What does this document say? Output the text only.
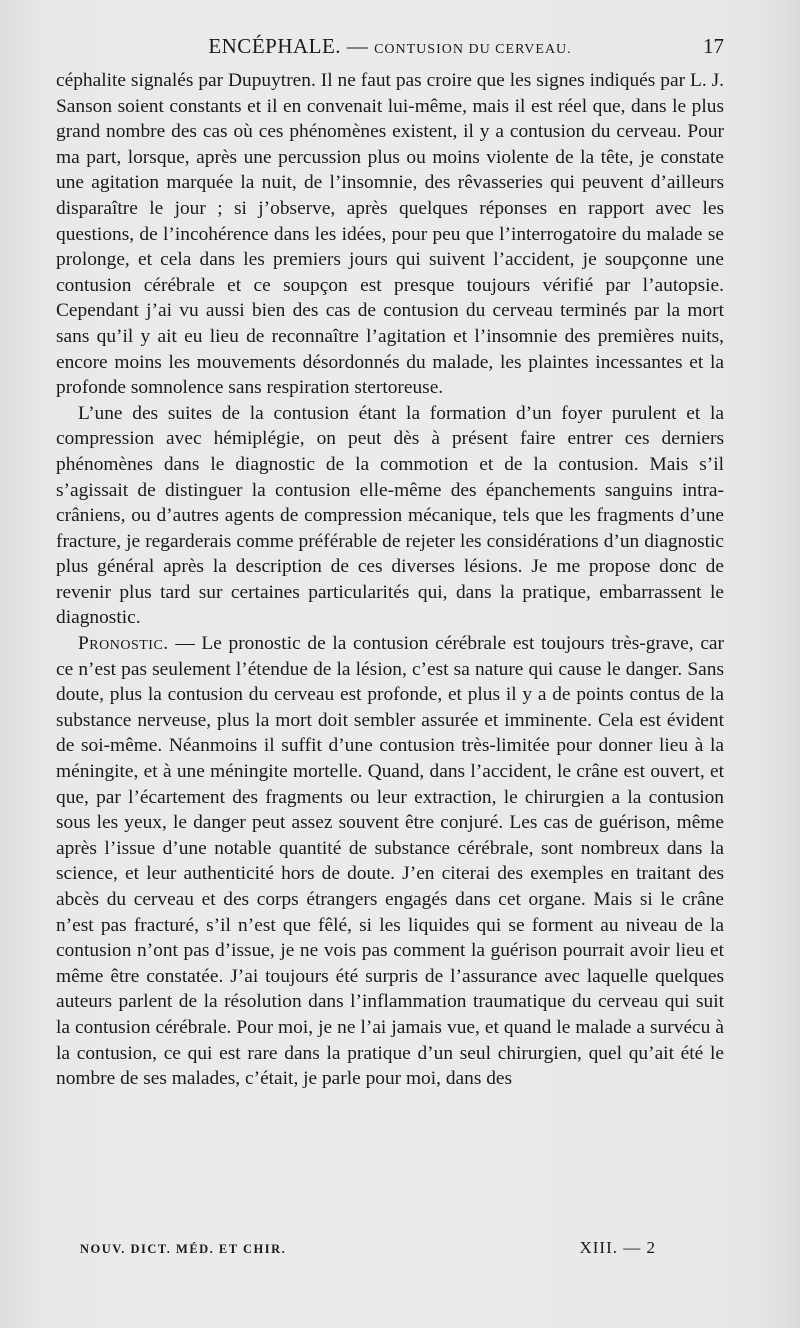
ENCÉPHALE. — CONTUSION DU CERVEAU.	17

céphalite signalés par Dupuytren. Il ne faut pas croire que les signes indiqués par L. J. Sanson soient constants et il en convenait lui-même, mais il est réel que, dans le plus grand nombre des cas où ces phénomènes existent, il y a contusion du cerveau. Pour ma part, lorsque, après une percussion plus ou moins violente de la tête, je constate une agitation marquée la nuit, de l’insomnie, des rêvasseries qui peuvent d’ailleurs disparaître le jour ; si j’observe, après quelques réponses en rapport avec les questions, de l’incohérence dans les idées, pour peu que l’interrogatoire du malade se prolonge, et cela dans les premiers jours qui suivent l’accident, je soupçonne une contusion cérébrale et ce soupçon est presque toujours vérifié par l’autopsie. Cependant j’ai vu aussi bien des cas de contusion du cerveau terminés par la mort sans qu’il y ait eu lieu de reconnaître l’agitation et l’insomnie des premières nuits, encore moins les mouvements désordonnés du malade, les plaintes incessantes et la profonde somnolence sans respiration stertoreuse.

L’une des suites de la contusion étant la formation d’un foyer purulent et la compression avec hémiplégie, on peut dès à présent faire entrer ces derniers phénomènes dans le diagnostic de la commotion et de la contusion. Mais s’il s’agissait de distinguer la contusion elle-même des épanchements sanguins intra-crâniens, ou d’autres agents de compression mécanique, tels que les fragments d’une fracture, je regarderais comme préférable de rejeter les considérations d’un diagnostic plus général après la description de ces diverses lésions. Je me propose donc de revenir plus tard sur certaines particularités qui, dans la pratique, embarrassent le diagnostic.

Pronostic. — Le pronostic de la contusion cérébrale est toujours très-grave, car ce n’est pas seulement l’étendue de la lésion, c’est sa nature qui cause le danger. Sans doute, plus la contusion du cerveau est profonde, et plus il y a de points contus de la substance nerveuse, plus la mort doit sembler assurée et imminente. Cela est évident de soi-même. Néanmoins il suffit d’une contusion très-limitée pour donner lieu à la méningite, et à une méningite mortelle. Quand, dans l’accident, le crâne est ouvert, et que, par l’écartement des fragments ou leur extraction, le chirurgien a la contusion sous les yeux, le danger peut assez souvent être conjuré. Les cas de guérison, même après l’issue d’une notable quantité de substance cérébrale, sont nombreux dans la science, et leur authenticité hors de doute. J’en citerai des exemples en traitant des abcès du cerveau et des corps étrangers engagés dans cet organe. Mais si le crâne n’est pas fracturé, s’il n’est que fêlé, si les liquides qui se forment au niveau de la contusion n’ont pas d’issue, je ne vois pas comment la guérison pourrait avoir lieu et même être constatée. J’ai toujours été surpris de l’assurance avec laquelle quelques auteurs parlent de la résolution dans l’inflammation traumatique du cerveau qui suit la contusion cérébrale. Pour moi, je ne l’ai jamais vue, et quand le malade a survécu à la contusion, ce qui est rare dans la pratique d’un seul chirurgien, quel qu’ait été le nombre de ses malades, c’était, je parle pour moi, dans des

NOUV. DICT. MÉD. ET CHIR.	XIII. — 2
